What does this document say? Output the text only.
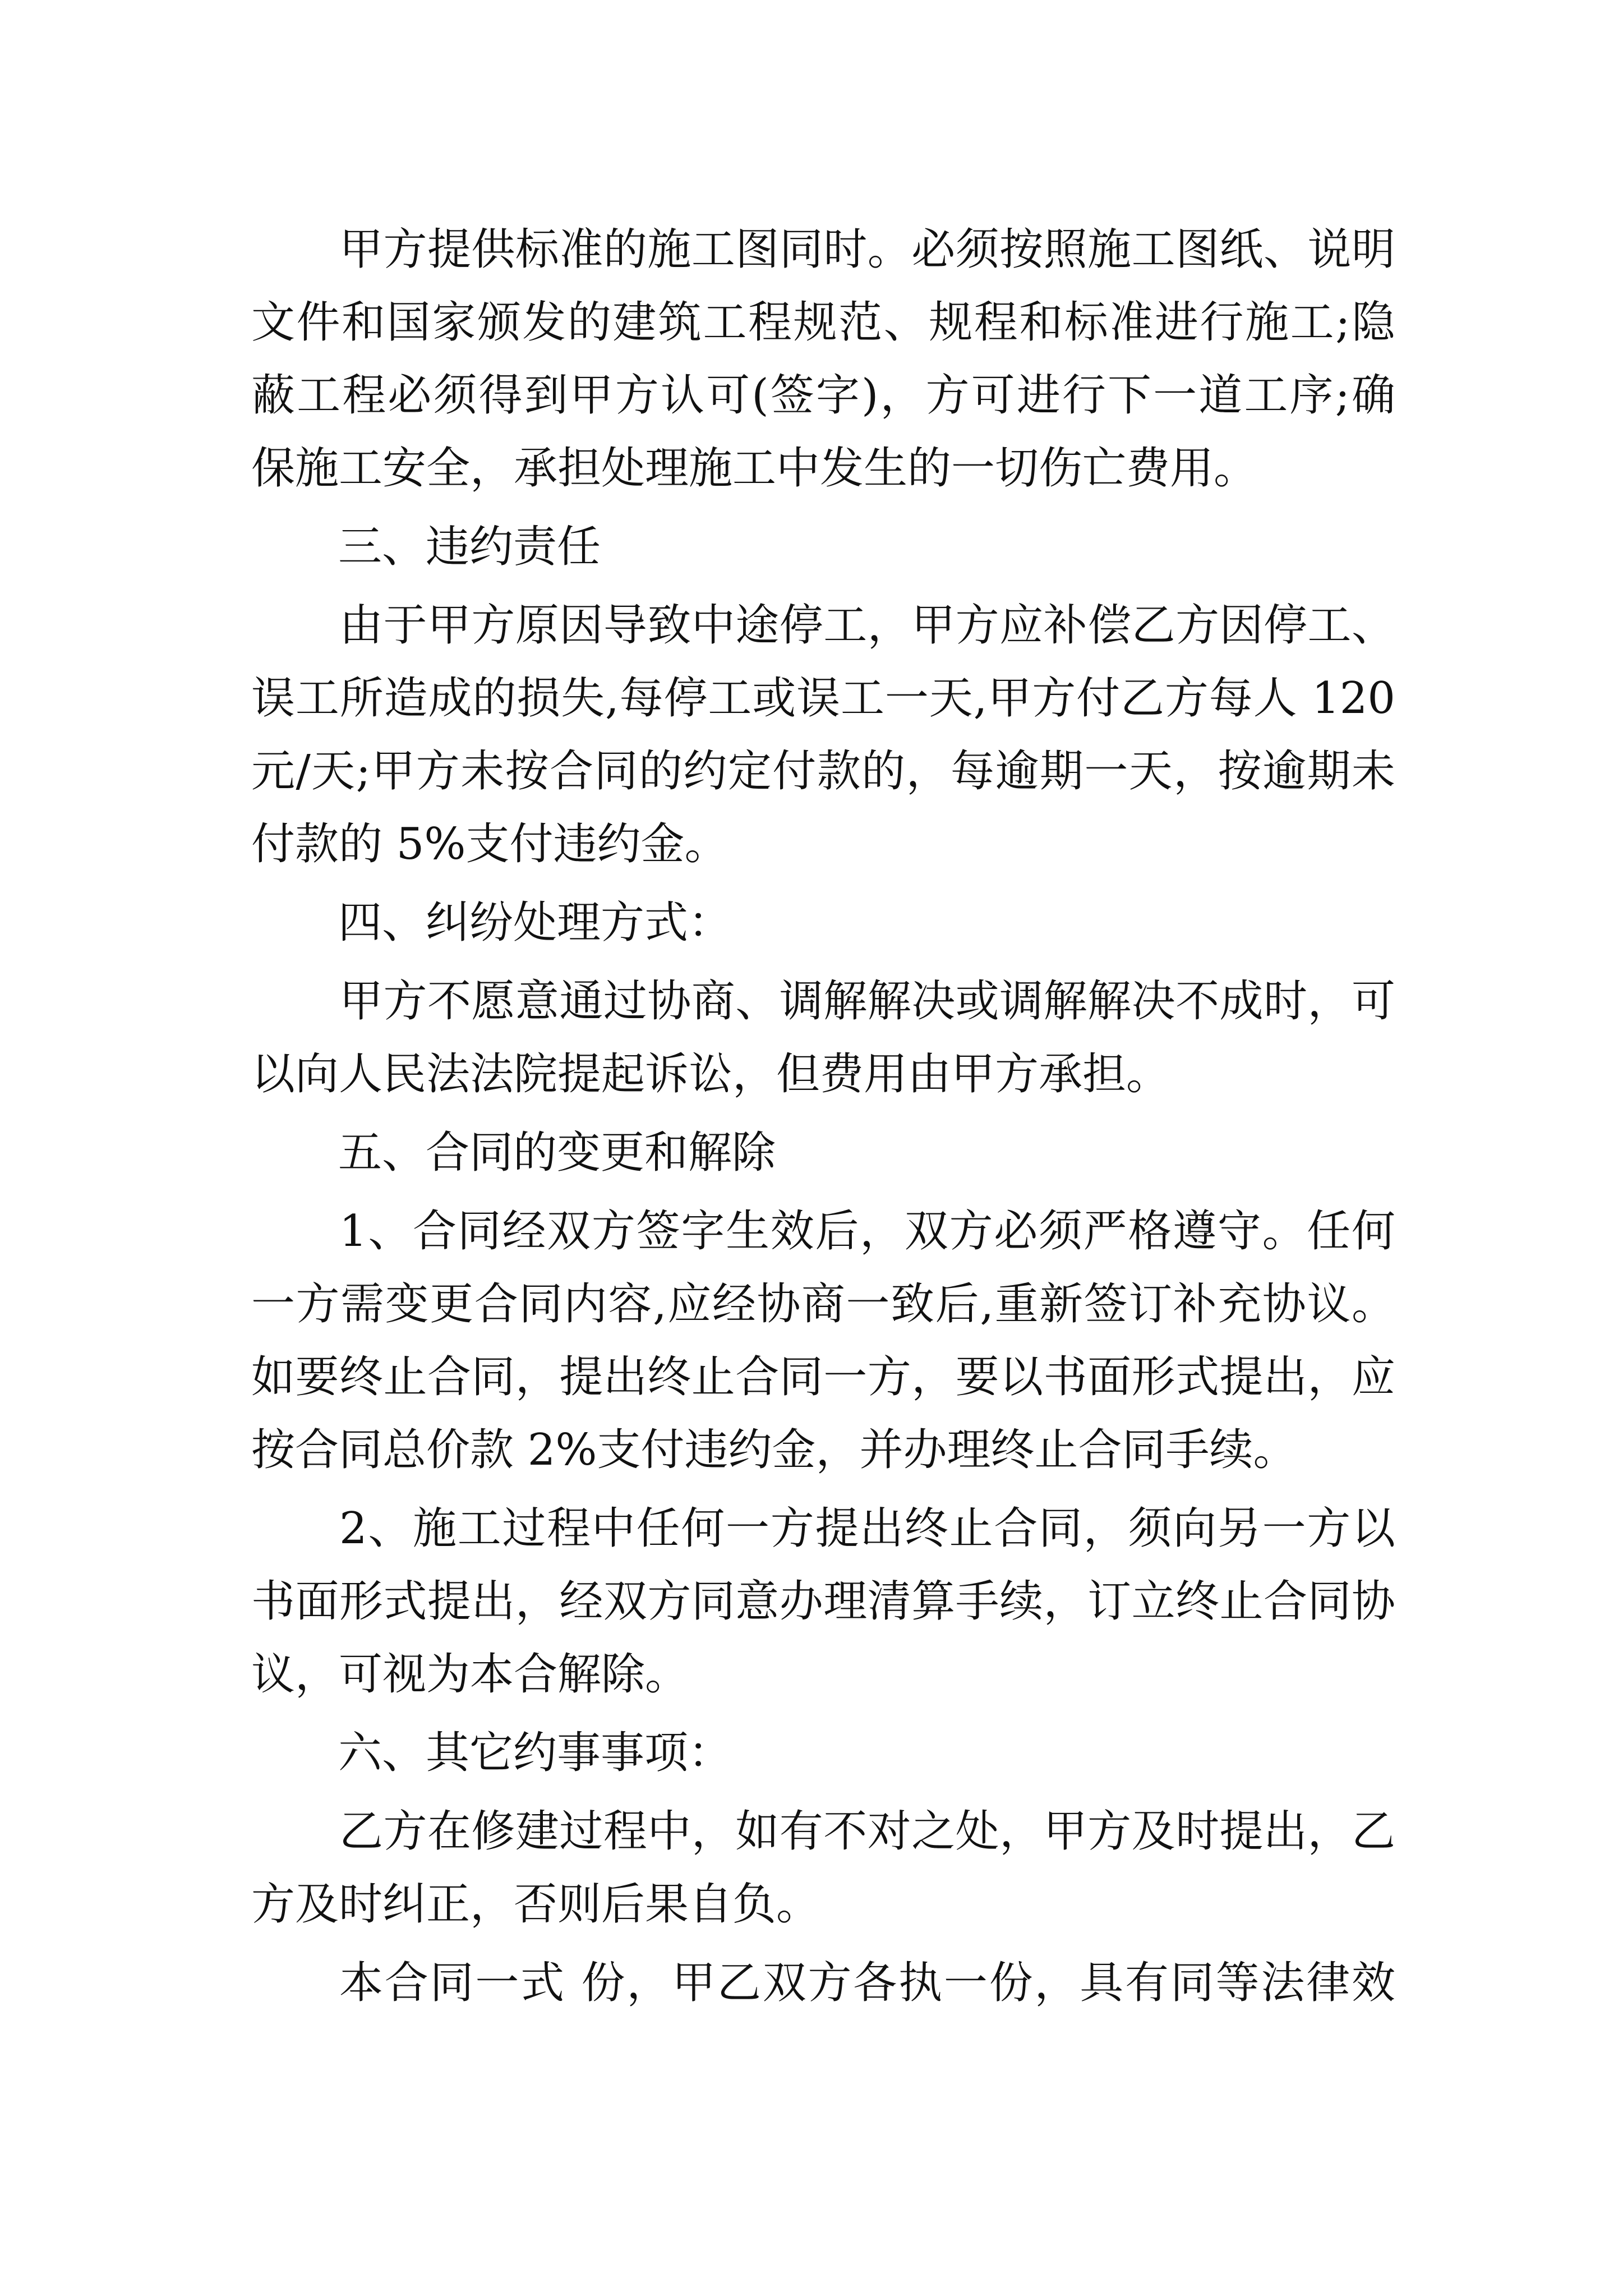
甲方提供标准的施工图同时。必须按照施工图纸、说明
文件和国家颁发的建筑工程规范、规程和标准进行施工;隐
蔽工程必须得到甲方认可(签字)，方可进行下一道工序;确
保施工安全，承担处理施工中发生的一切伤亡费用。
三、违约责任
由于甲方原因导致中途停工，甲方应补偿乙方因停工、
误工所造成的损失,每停工或误工一天,甲方付乙方每人 120
元/天;甲方未按合同的约定付款的，每逾期一天，按逾期未
付款的 5%支付违约金。
四、纠纷处理方式：
甲方不愿意通过协商、调解解决或调解解决不成时，可
以向人民法法院提起诉讼，但费用由甲方承担。
五、合同的变更和解除
1、合同经双方签字生效后，双方必须严格遵守。任何
一方需变更合同内容,应经协商一致后,重新签订补充协议。
如要终止合同，提出终止合同一方，要以书面形式提出，应
按合同总价款 2%支付违约金，并办理终止合同手续。
2、施工过程中任何一方提出终止合同，须向另一方以
书面形式提出，经双方同意办理清算手续，订立终止合同协
议，可视为本合解除。
六、其它约事事项：
乙方在修建过程中，如有不对之处，甲方及时提出，乙
方及时纠正，否则后果自负。
本合同一式 份，甲乙双方各执一份，具有同等法律效
